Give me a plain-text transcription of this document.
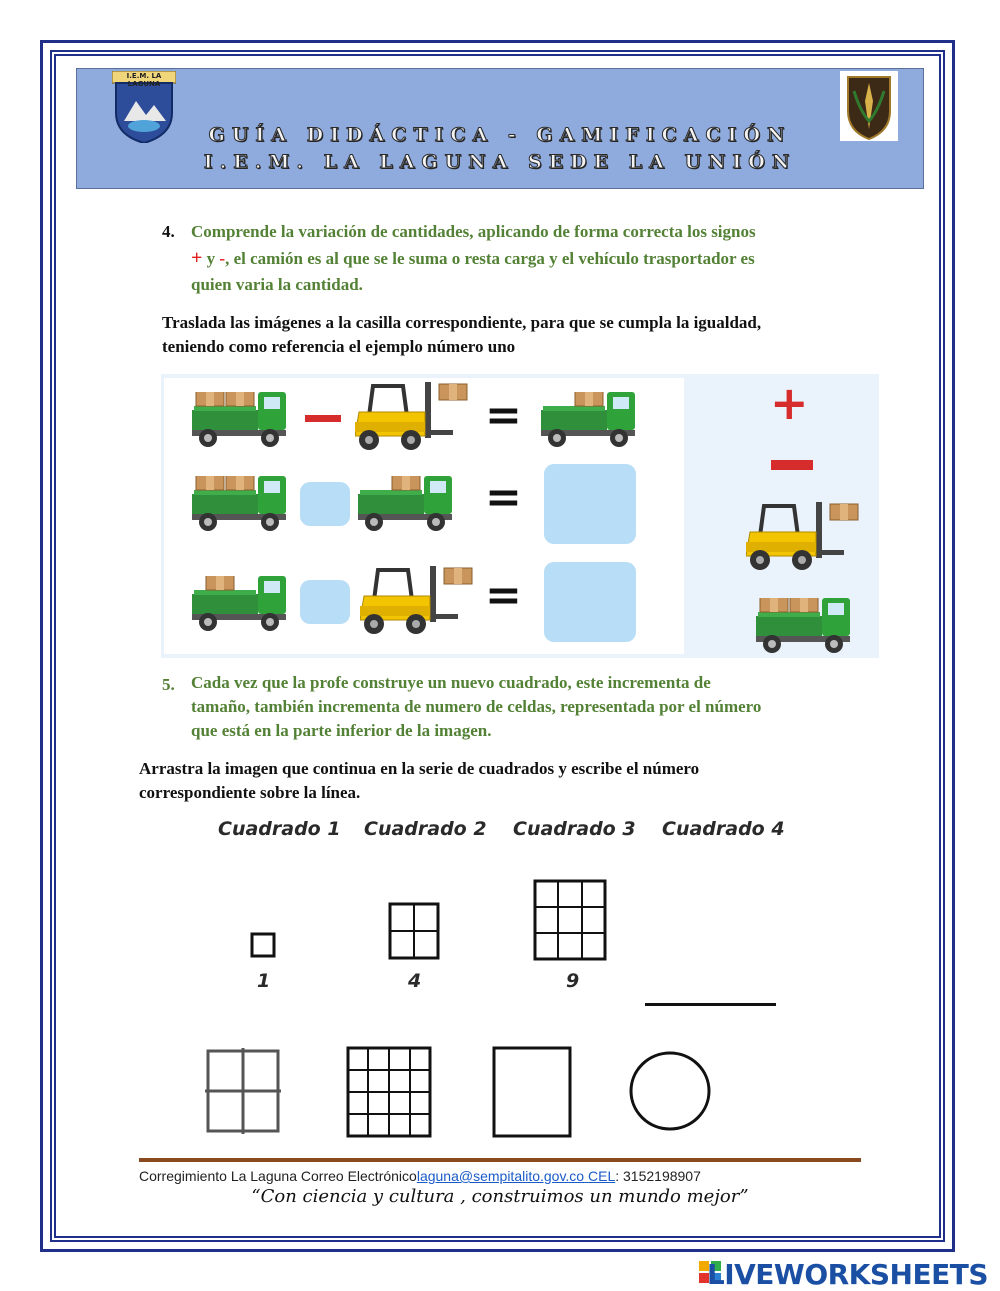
I.E.M. LA LAGUNA
GUÍA DIDÁCTICA - GAMIFICACIÓN
I.E.M. LA LAGUNA SEDE LA UNIÓN
4. Comprende la variación de cantidades, aplicando de forma correcta los signos
+ y -, el camión es al que se le suma o resta carga y el vehículo trasportador es
quien varia la cantidad.
Traslada las imágenes a la casilla correspondiente, para que se cumpla la igualdad,
teniendo como referencia el ejemplo número uno
=
=
=
+
5. Cada vez que la profe construye un nuevo cuadrado, este incrementa de
tamaño, también incrementa de numero de celdas, representada por el número
que está en la parte inferior de la imagen.
Arrastra la imagen que continua en la serie de cuadrados y escribe el número
correspondiente sobre la línea.
Cuadrado 1 Cuadrado 2 Cuadrado 3 Cuadrado 4
1	4	9
Corregimiento La Laguna Correo Electrónicolaguna@sempitalito.gov.co CEL: 3152198907
“Con ciencia y cultura , construimos un mundo mejor”
LIVEWORKSHEETS
